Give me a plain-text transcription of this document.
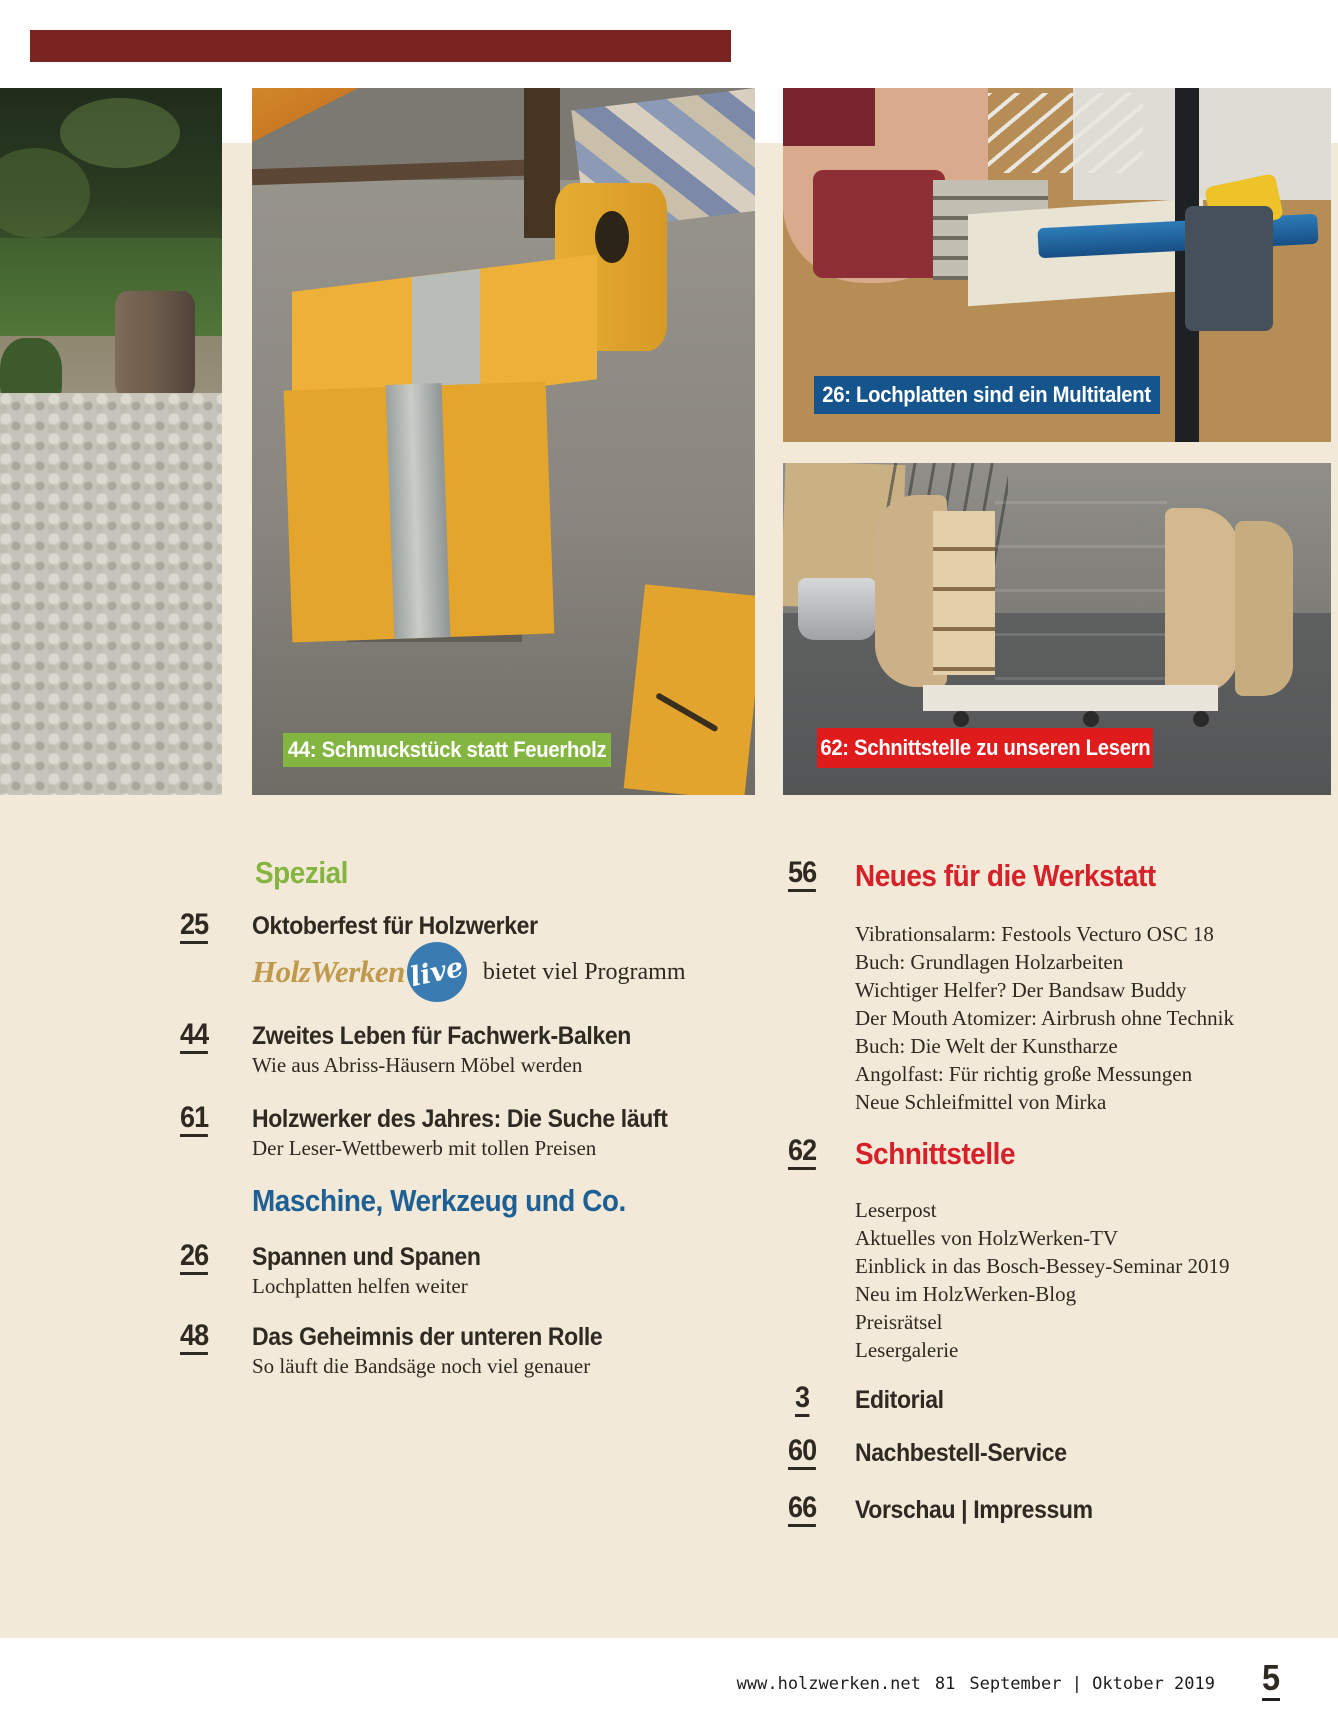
44: Schmuckstück statt Feuerholz
26: Lochplatten sind ein Multitalent
62: Schnittstelle zu unseren Lesern
Spezial
25 Oktoberfest für Holzwerker
HolzWerken live bietet viel Programm
44 Zweites Leben für Fachwerk-Balken
Wie aus Abriss-Häusern Möbel werden
61 Holzwerker des Jahres: Die Suche läuft
Der Leser-Wettbewerb mit tollen Preisen
Maschine, Werkzeug und Co.
26 Spannen und Spanen
Lochplatten helfen weiter
48 Das Geheimnis der unteren Rolle
So läuft die Bandsäge noch viel genauer
56 Neues für die Werkstatt
Vibrationsalarm: Festools Vecturo OSC 18
Buch: Grundlagen Holzarbeiten
Wichtiger Helfer? Der Bandsaw Buddy
Der Mouth Atomizer: Airbrush ohne Technik
Buch: Die Welt der Kunstharze
Angolfast: Für richtig große Messungen
Neue Schleifmittel von Mirka
62 Schnittstelle
Leserpost
Aktuelles von HolzWerken-TV
Einblick in das Bosch-Bessey-Seminar 2019
Neu im HolzWerken-Blog
Preisrätsel
Lesergalerie
3 Editorial
60 Nachbestell-Service
66 Vorschau | Impressum
www.holzwerken.net 81 September | Oktober 2019 5
